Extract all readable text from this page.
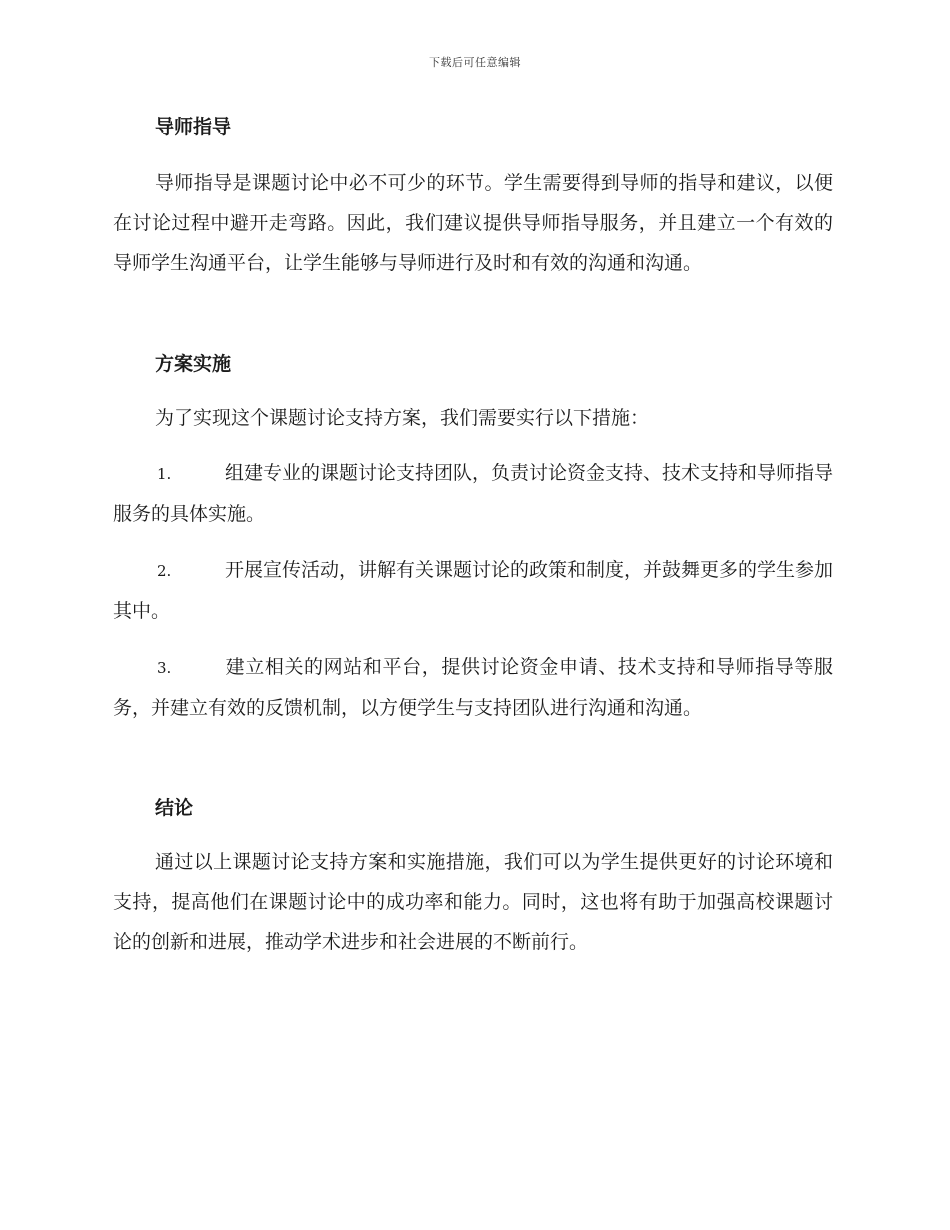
下载后可任意编辑
导师指导
导师指导是课题讨论中必不可少的环节。学生需要得到导师的指导和建议，以便在讨论过程中避开走弯路。因此，我们建议提供导师指导服务，并且建立一个有效的导师学生沟通平台，让学生能够与导师进行及时和有效的沟通和沟通。
方案实施
为了实现这个课题讨论支持方案，我们需要实行以下措施：
1.	组建专业的课题讨论支持团队，负责讨论资金支持、技术支持和导师指导服务的具体实施。
2.	开展宣传活动，讲解有关课题讨论的政策和制度，并鼓舞更多的学生参加其中。
3.	建立相关的网站和平台，提供讨论资金申请、技术支持和导师指导等服务，并建立有效的反馈机制，以方便学生与支持团队进行沟通和沟通。
结论
通过以上课题讨论支持方案和实施措施，我们可以为学生提供更好的讨论环境和支持，提高他们在课题讨论中的成功率和能力。同时，这也将有助于加强高校课题讨论的创新和进展，推动学术进步和社会进展的不断前行。
